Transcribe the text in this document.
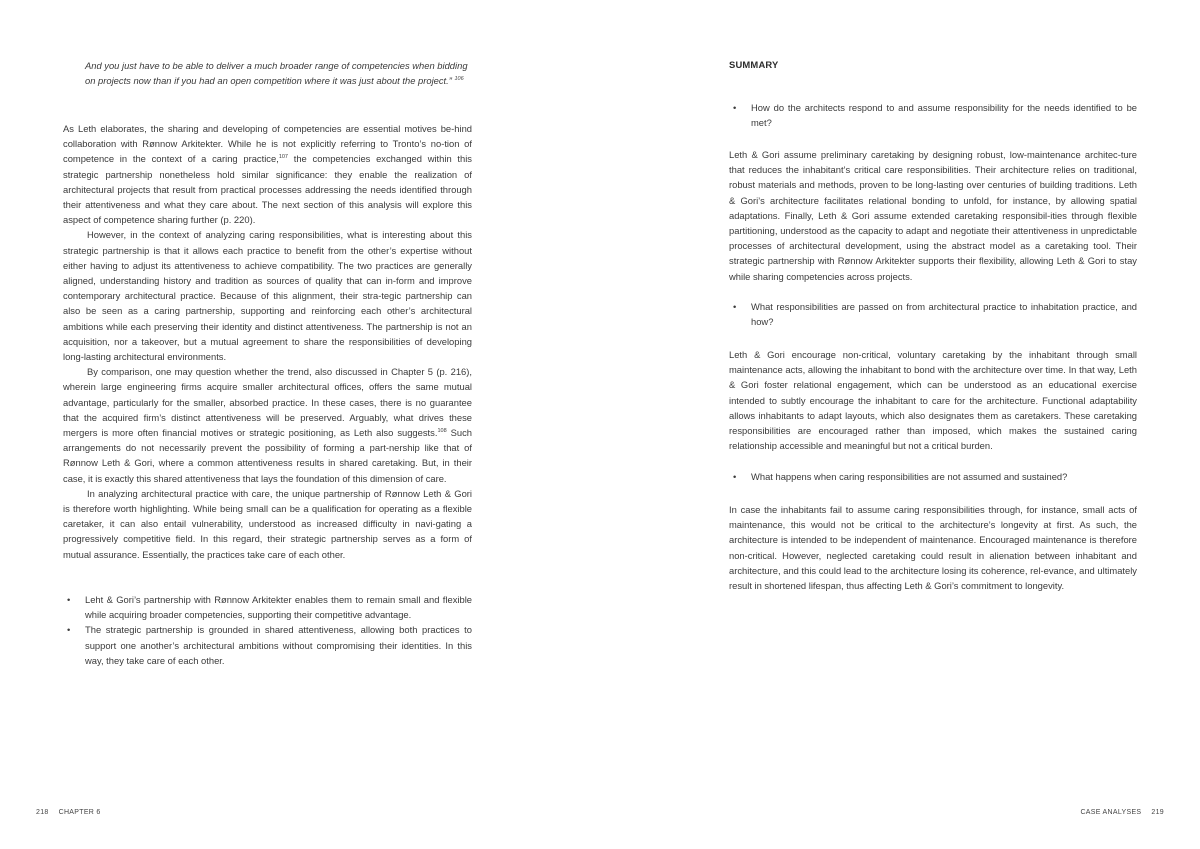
And you just have to be able to deliver a much broader range of competencies when bidding on projects now than if you had an open competition where it was just about the project.” $^{106}$

As Leth elaborates, the sharing and developing of competencies are essential motives be-hind collaboration with Rønnow Arkitekter. While he is not explicitly referring to Tronto’s no-tion of competence in the context of a caring practice,$^{107}$ the competencies exchanged within this strategic partnership nonetheless hold similar significance: they enable the realization of architectural projects that result from practical processes addressing the needs identified through their attentiveness and what they care about. The next section of this analysis will explore this aspect of competence sharing further (p. 220).

However, in the context of analyzing caring responsibilities, what is interesting about this strategic partnership is that it allows each practice to benefit from the other’s expertise without either having to adjust its attentiveness to achieve compatibility. The two practices are generally aligned, understanding history and tradition as sources of quality that can in-form and improve contemporary architectural practice. Because of this alignment, their stra-tegic partnership can also be seen as a caring partnership, supporting and reinforcing each other’s architectural ambitions while each preserving their identity and distinct attentiveness. The partnership is not an acquisition, nor a takeover, but a mutual agreement to share the responsibilities of developing long-lasting architectural environments.

By comparison, one may question whether the trend, also discussed in Chapter 5 (p. 216), wherein large engineering firms acquire smaller architectural offices, offers the same mutual advantage, particularly for the smaller, absorbed practice. In these cases, there is no guarantee that the acquired firm’s distinct attentiveness will be preserved. Arguably, what drives these mergers is more often financial motives or strategic positioning, as Leth also suggests.$^{108}$ Such arrangements do not necessarily prevent the possibility of forming a part-nership like that of Rønnow Leth & Gori, where a common attentiveness results in shared caretaking. But, in their case, it is exactly this shared attentiveness that lays the foundation of this dimension of care.

In analyzing architectural practice with care, the unique partnership of Rønnow Leth & Gori is therefore worth highlighting. While being small can be a qualification for operating as a flexible caretaker, it can also entail vulnerability, understood as increased difficulty in navi-gating a progressively competitive field. In this regard, their strategic partnership serves as a form of mutual assurance. Essentially, the practices take care of each other.

• Leht & Gori’s partnership with Rønnow Arkitekter enables them to remain small and flexible while acquiring broader competencies, supporting their competitive advantage.
• The strategic partnership is grounded in shared attentiveness, allowing both practices to support one another’s architectural ambitions without compromising their identities. In this way, they take care of each other.
218 CHAPTER 6
SUMMARY
• How do the architects respond to and assume responsibility for the needs identified to be met?

Leth & Gori assume preliminary caretaking by designing robust, low-maintenance architec-ture that reduces the inhabitant’s critical care responsibilities. Their architecture relies on traditional, robust materials and methods, proven to be long-lasting over centuries of building traditions. Leth & Gori’s architecture facilitates relational bonding to unfold, for instance, by allowing spatial adaptations. Finally, Leth & Gori assume extended caretaking responsibil-ities through flexible partitioning, understood as the capacity to adapt and negotiate their attentiveness in unpredictable processes of architectural development, using the abstract model as a caretaking tool. Their strategic partnership with Rønnow Arkitekter supports their flexibility, allowing Leth & Gori to stay while sharing competencies across projects.

• What responsibilities are passed on from architectural practice to inhabitation practice, and how?

Leth & Gori encourage non-critical, voluntary caretaking by the inhabitant through small maintenance acts, allowing the inhabitant to bond with the architecture over time. In that way, Leth & Gori foster relational engagement, which can be understood as an educational exercise intended to subtly encourage the inhabitant to care for the architecture. Functional adaptability allows inhabitants to adapt layouts, which also designates them as caretakers. These caretaking responsibilities are encouraged rather than imposed, which makes the sustained caring relationship accessible and meaningful but not a critical burden.

• What happens when caring responsibilities are not assumed and sustained?

In case the inhabitants fail to assume caring responsibilities through, for instance, small acts of maintenance, this would not be critical to the architecture’s longevity at first. As such, the architecture is intended to be independent of maintenance. Encouraged maintenance is therefore non-critical. However, neglected caretaking could result in alienation between inhabitant and architecture, and this could lead to the architecture losing its coherence, rel-evance, and ultimately result in shortened lifespan, thus affecting Leth & Gori’s commitment to longevity.

CASE ANALYSES 219
